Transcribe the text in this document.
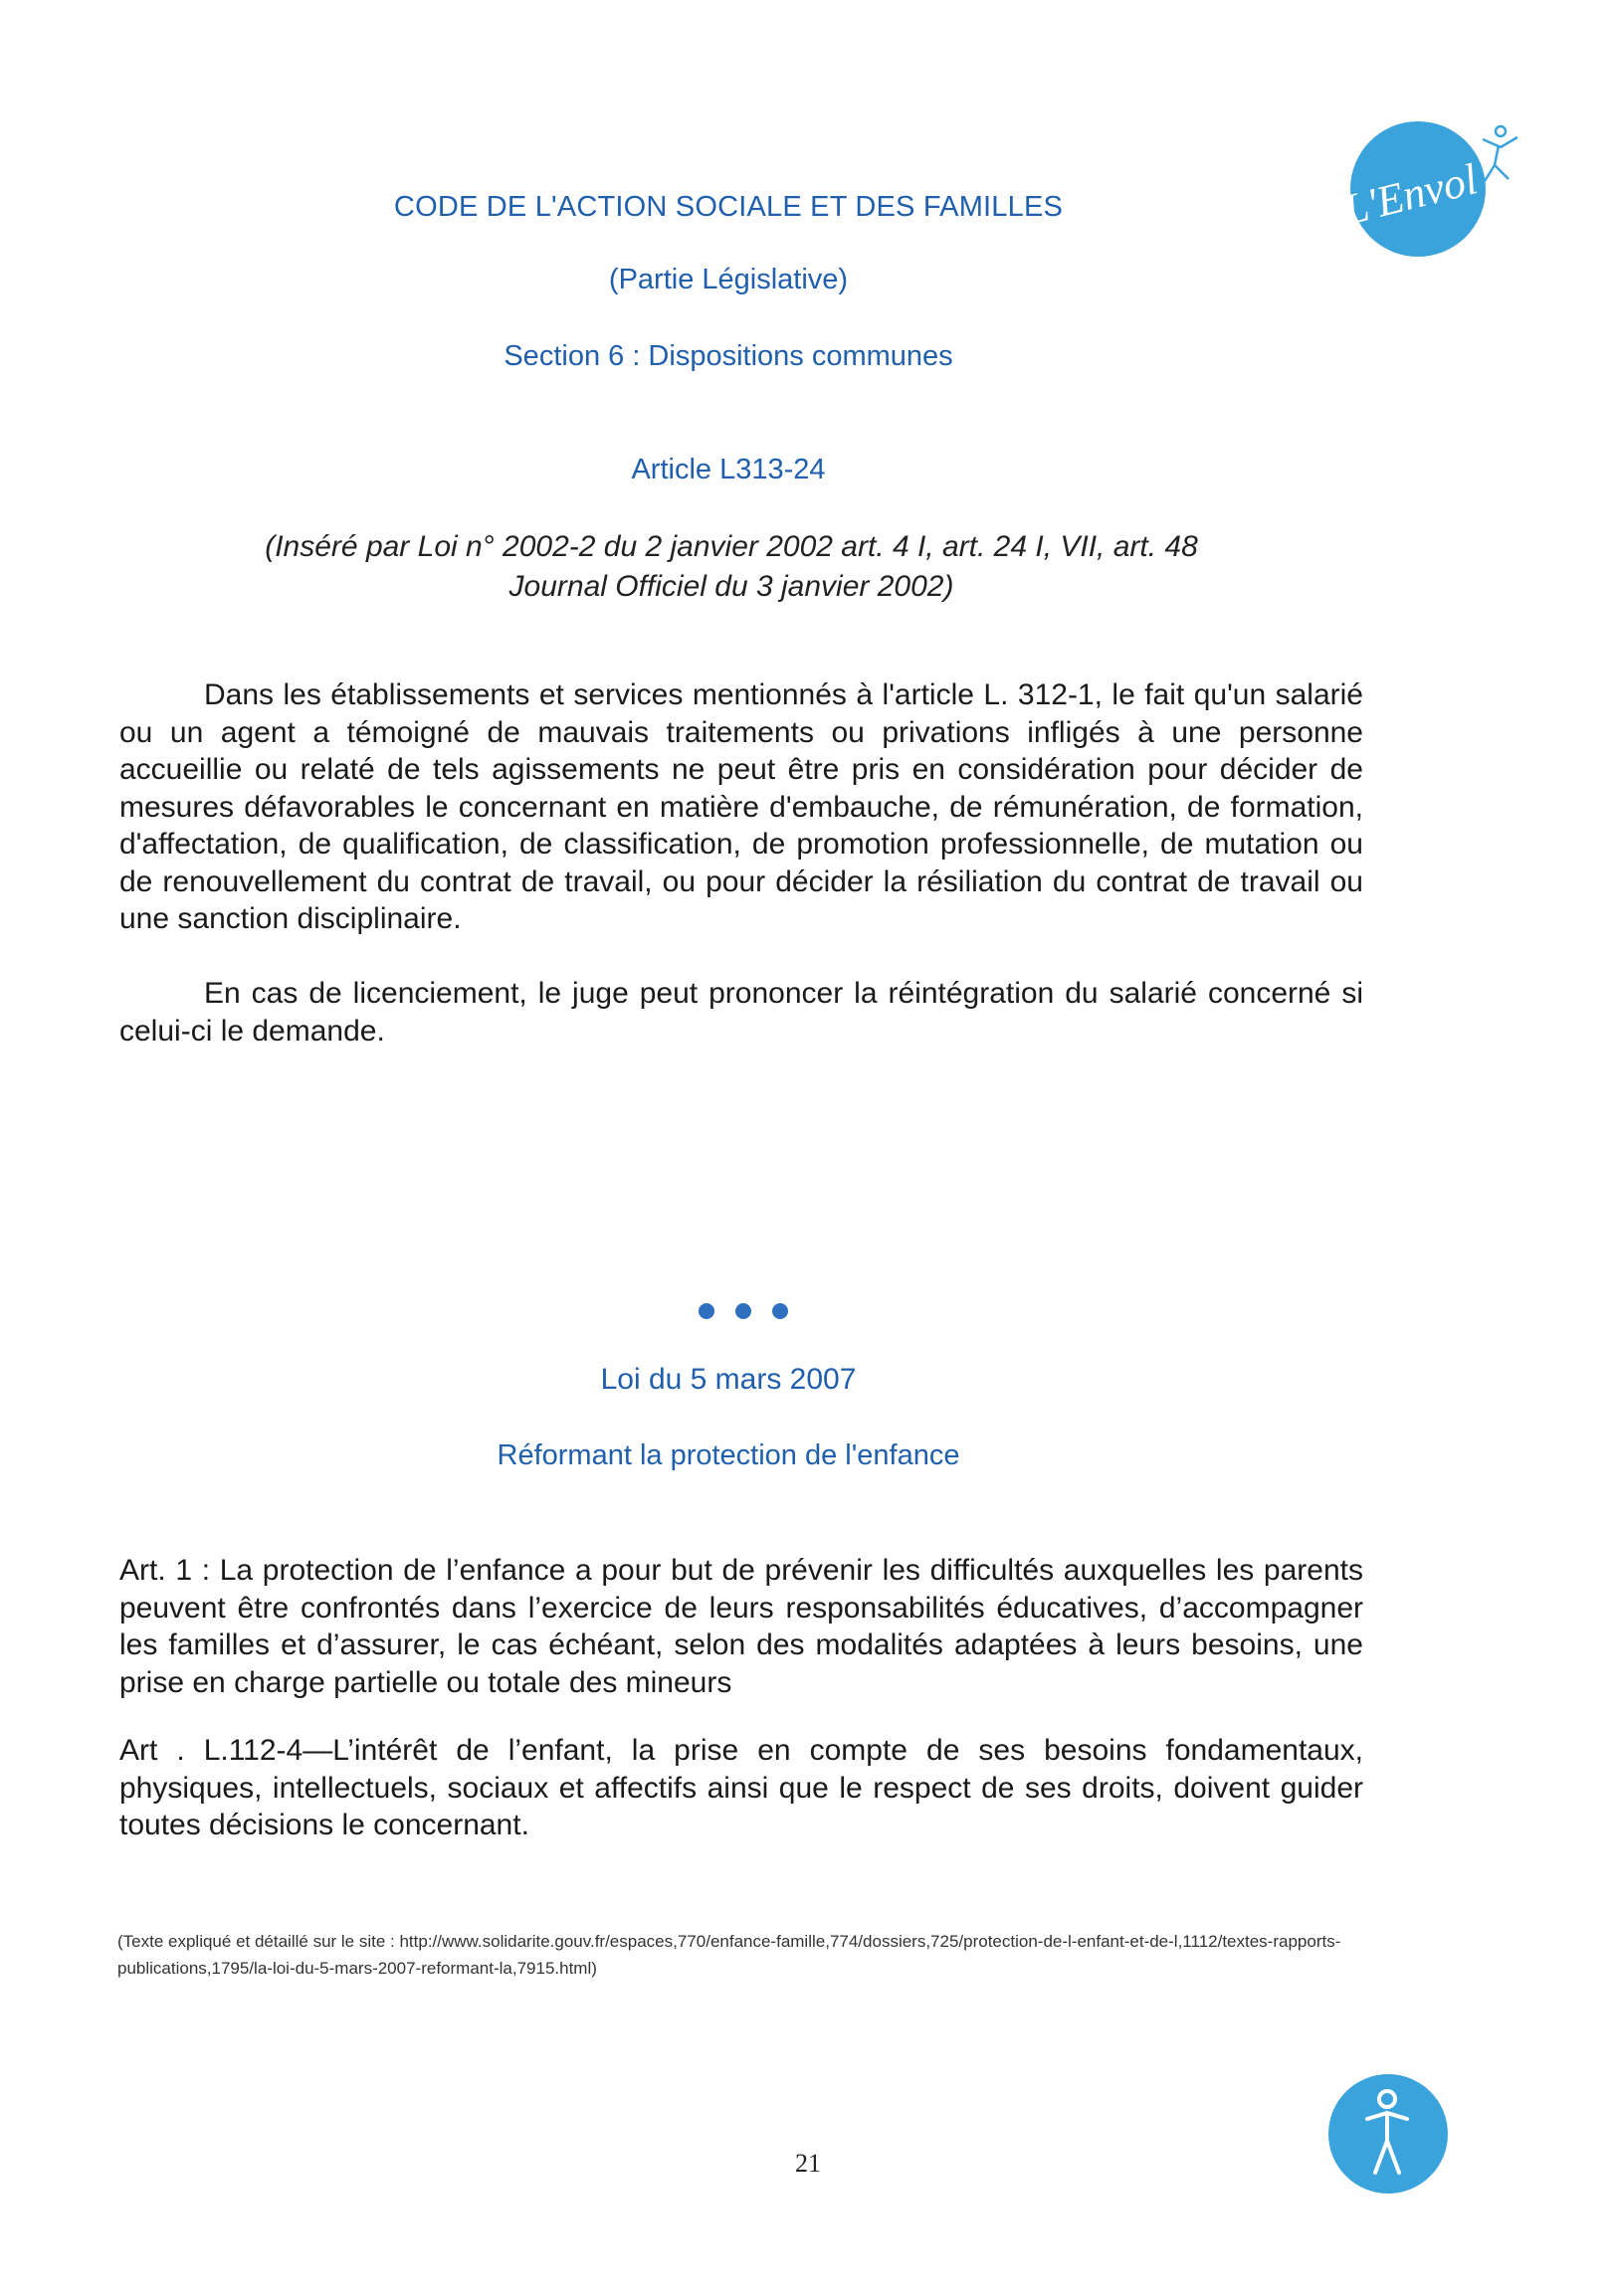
L'Envol
CODE DE L'ACTION SOCIALE ET DES FAMILLES
(Partie Législative)
Section 6 : Dispositions communes
Article L313-24
(Inséré par Loi n° 2002-2 du 2 janvier 2002 art. 4 I, art. 24 I, VII, art. 48
Journal Officiel du 3 janvier 2002)
Dans les établissements et services mentionnés à l'article L. 312-1, le fait qu'un salarié ou un agent a témoigné de mauvais traitements ou privations infligés à une personne accueillie ou relaté de tels agissements ne peut être pris en considération pour décider de mesures défavorables le concernant en matière d'embauche, de rémunération, de formation, d'affectation, de qualification, de classification, de promotion professionnelle, de mutation ou de renouvellement du contrat de travail, ou pour décider la résiliation du contrat de travail ou une sanction disciplinaire.
En cas de licenciement, le juge peut prononcer la réintégration du salarié concerné si celui-ci le demande.
Loi du 5 mars 2007
Réformant la protection de l'enfance
Art. 1 : La protection de l’enfance a pour but de prévenir les difficultés auxquelles les parents peuvent être confrontés dans l’exercice de leurs responsabilités éducatives, d’accompagner les familles et d’assurer, le cas échéant, selon des modalités adaptées à leurs besoins, une prise en charge partielle ou totale des mineurs
Art . L.112-4—L’intérêt de l’enfant, la prise en compte de ses besoins fondamentaux, physiques, intellectuels, sociaux et affectifs ainsi que le respect de ses droits, doivent guider toutes décisions le concernant.
(Texte expliqué et détaillé sur le site : http://www.solidarite.gouv.fr/espaces,770/enfance-famille,774/dossiers,725/protection-de-l-enfant-et-de-l,1112/textes-rapports-publications,1795/la-loi-du-5-mars-2007-reformant-la,7915.html)
21
